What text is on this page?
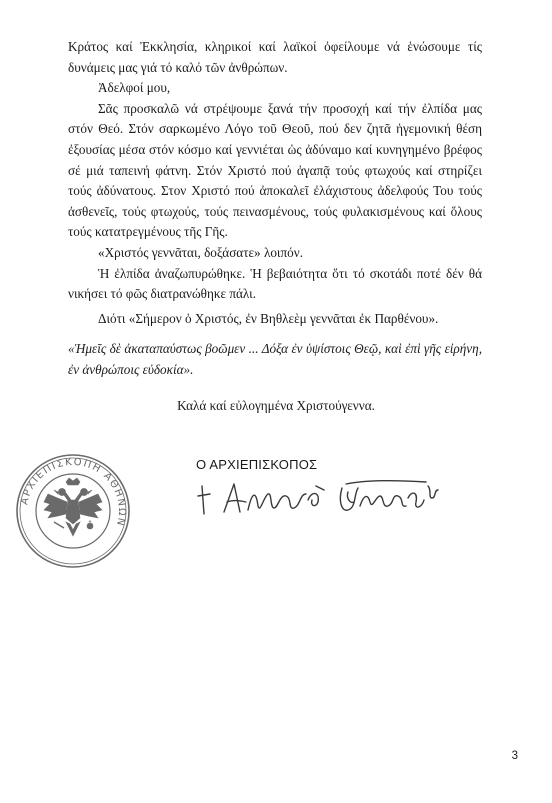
Κράτος καί Ἐκκλησία, κληρικοί καί λαϊκοί ὀφείλουμε νά ἑνώσουμε τίς δυνάμεις μας γιά τό καλό τῶν ἀνθρώπων.

Ἀδελφοί μου,

Σᾶς προσκαλῶ νά στρέψουμε ξανά τήν προσοχή καί τήν ἐλπίδα μας στόν Θεό. Στόν σαρκωμένο Λόγο τοῦ Θεοῦ, πού δεν ζητᾶ ἡγεμονική θέση ἐξουσίας μέσα στόν κόσμο καί γεννιέται ὡς ἀδύναμο καί κυνηγημένο βρέφος σέ μιά ταπεινή φάτνη. Στόν Χριστό πού ἀγαπᾷ τούς φτωχούς καί στηρίζει τούς ἀδύνατους. Στον Χριστό πού ἀποκαλεῖ ἐλάχιστους ἀδελφούς Του τούς ἀσθενεῖς, τούς φτωχούς, τούς πεινασμένους, τούς φυλακισμένους καί ὅλους τούς κατατρεγμένους τῆς Γῆς.

«Χριστός γεννᾶται, δοξάσατε» λοιπόν.

Ἡ ἐλπίδα ἀναζωπυρώθηκε. Ἡ βεβαιότητα ὅτι τό σκοτάδι ποτέ δέν θά νικήσει τό φῶς διατρανώθηκε πάλι.

Διότι «Σήμερον ὁ Χριστός, ἐν Βηθλεὲμ γεννᾶται ἐκ Παρθένου».

«Ἡμεῖς δὲ ἀκαταπαύστως βοῶμεν ... Δόξα ἐν ὑψίστοις Θεῷ, καὶ ἐπὶ γῆς εἰρήνη, ἐν ἀνθρώποις εὐδοκία».

Καλά καί εὐλογημένα Χριστούγεννα.
Ο ΑΡΧΙΕΠΙΣΚΟΠΟΣ
ΑΡΧΙΕΠΙΣΚΟΠΗ ΑΘΗΝΩΝ
3
